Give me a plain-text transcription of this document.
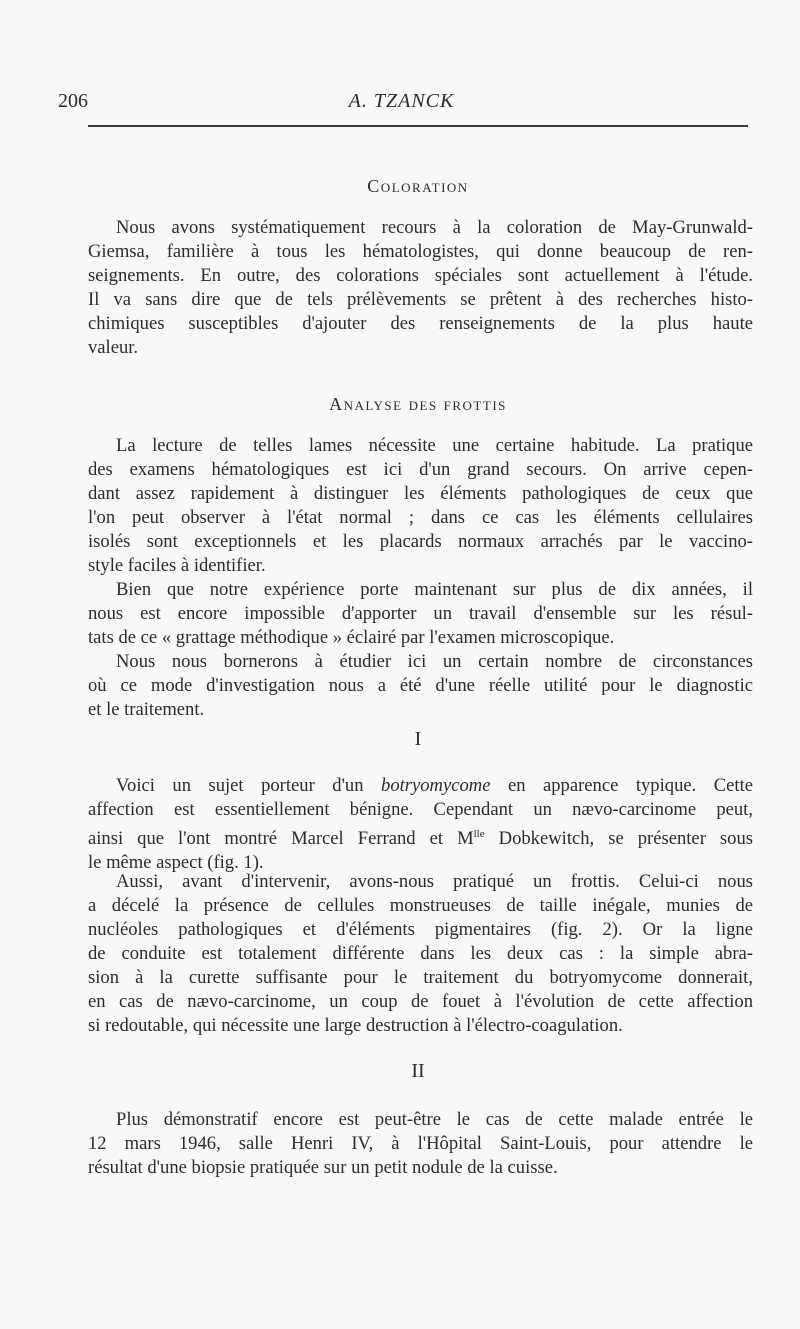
206	A. TZANCK
Coloration

Nous avons systématiquement recours à la coloration de May-Grunwald-
Giemsa, familière à tous les hématologistes, qui donne beaucoup de ren-
seignements. En outre, des colorations spéciales sont actuellement à l'étude.
Il va sans dire que de tels prélèvements se prêtent à des recherches histo-
chimiques susceptibles d'ajouter des renseignements de la plus haute
valeur.

Analyse des frottis

La lecture de telles lames nécessite une certaine habitude. La pratique
des examens hématologiques est ici d'un grand secours. On arrive cepen-
dant assez rapidement à distinguer les éléments pathologiques de ceux que
l'on peut observer à l'état normal ; dans ce cas les éléments cellulaires
isolés sont exceptionnels et les placards normaux arrachés par le vaccino-
style faciles à identifier.

Bien que notre expérience porte maintenant sur plus de dix années, il
nous est encore impossible d'apporter un travail d'ensemble sur les résul-
tats de ce « grattage méthodique » éclairé par l'examen microscopique.

Nous nous bornerons à étudier ici un certain nombre de circonstances
où ce mode d'investigation nous a été d'une réelle utilité pour le diagnostic
et le traitement.

I

Voici un sujet porteur d'un botryomycome en apparence typique. Cette
affection est essentiellement bénigne. Cependant un nævo-carcinome peut,
ainsi que l'ont montré Marcel Ferrand et $M^{lle}$ Dobkewitch, se présenter sous
le même aspect (fig. 1).

Aussi, avant d'intervenir, avons-nous pratiqué un frottis. Celui-ci nous
a décelé la présence de cellules monstrueuses de taille inégale, munies de
nucléoles pathologiques et d'éléments pigmentaires (fig. 2). Or la ligne
de conduite est totalement différente dans les deux cas : la simple abra-
sion à la curette suffisante pour le traitement du botryomycome donnerait,
en cas de nævo-carcinome, un coup de fouet à l'évolution de cette affection
si redoutable, qui nécessite une large destruction à l'électro-coagulation.

II

Plus démonstratif encore est peut-être le cas de cette malade entrée le
12 mars 1946, salle Henri IV, à l'Hôpital Saint-Louis, pour attendre le
résultat d'une biopsie pratiquée sur un petit nodule de la cuisse.
